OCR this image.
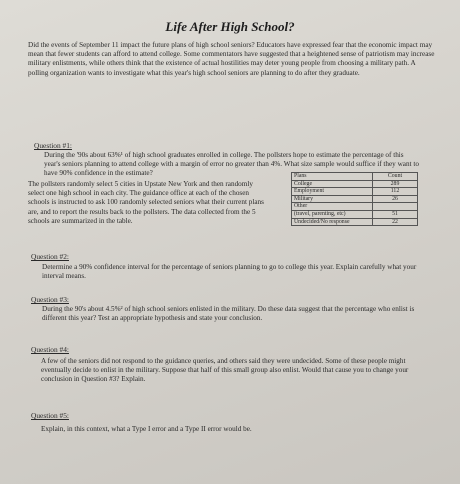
Life After High School?

Did the events of September 11 impact the future plans of high school seniors? Educators have expressed fear that the economic impact may mean that fewer students can afford to attend college. Some commentators have suggested that a heightened sense of patriotism may increase military enlistments, while others think that the existence of actual hostilities may deter young people from choosing a military path. A polling organization wants to investigate what this year's high school seniors are planning to do after they graduate.

Question #1:

During the '90s about 63%¹ of high school graduates enrolled in college. The pollsters hope to estimate the percentage of this year's seniors planning to attend college with a margin of error no greater than 4%. What size sample would suffice if they want to have 90% confidence in the estimate?

The pollsters randomly select 5 cities in Upstate New York and then randomly select one high school in each city. The guidance office at each of the chosen schools is instructed to ask 100 randomly selected seniors what their current plans are, and to report the results back to the pollsters. The data collected from the 5 schools are summarized in the table.

Plans	Count
College	289
Employment	112
Military	26
Other	
(travel, parenting, etc)	51
Undecided/No response	22

Question #2:

Determine a 90% confidence interval for the percentage of seniors planning to go to college this year. Explain carefully what your interval means.

Question #3:

During the 90's about 4.5%² of high school seniors enlisted in the military. Do these data suggest that the percentage who enlist is different this year? Test an appropriate hypothesis and state your conclusion.

Question #4:

A few of the seniors did not respond to the guidance queries, and others said they were undecided. Some of these people might eventually decide to enlist in the military. Suppose that half of this small group also enlist. Would that cause you to change your conclusion in Question #3? Explain.

Question #5:

Explain, in this context, what a Type I error and a Type II error would be.
